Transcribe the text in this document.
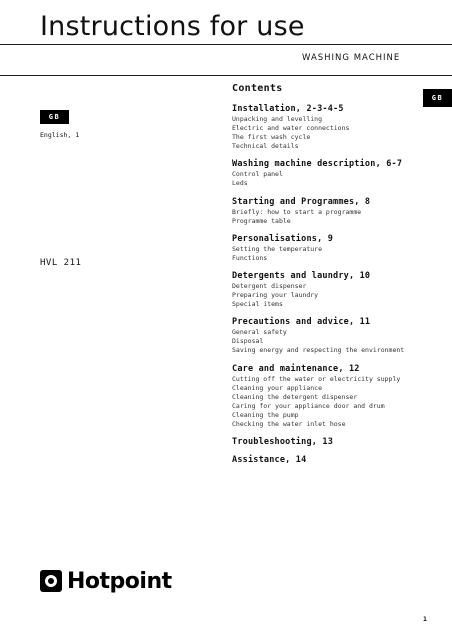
Instructions for use
WASHING MACHINE
GB
GB
English, 1
HVL 211
Contents
Installation, 2-3-4-5
Unpacking and levelling
Electric and water connections
The first wash cycle
Technical details
Washing machine description, 6-7
Control panel
Leds
Starting and Programmes, 8
Briefly: how to start a programme
Programme table
Personalisations, 9
Setting the temperature
Functions
Detergents and laundry, 10
Detergent dispenser
Preparing your laundry
Special items
Precautions and advice, 11
General safety
Disposal
Saving energy and respecting the environment
Care and maintenance, 12
Cutting off the water or electricity supply
Cleaning your appliance
Cleaning the detergent dispenser
Caring for your appliance door and drum
Cleaning the pump
Checking the water inlet hose
Troubleshooting, 13
Assistance, 14
Hotpoint
1
